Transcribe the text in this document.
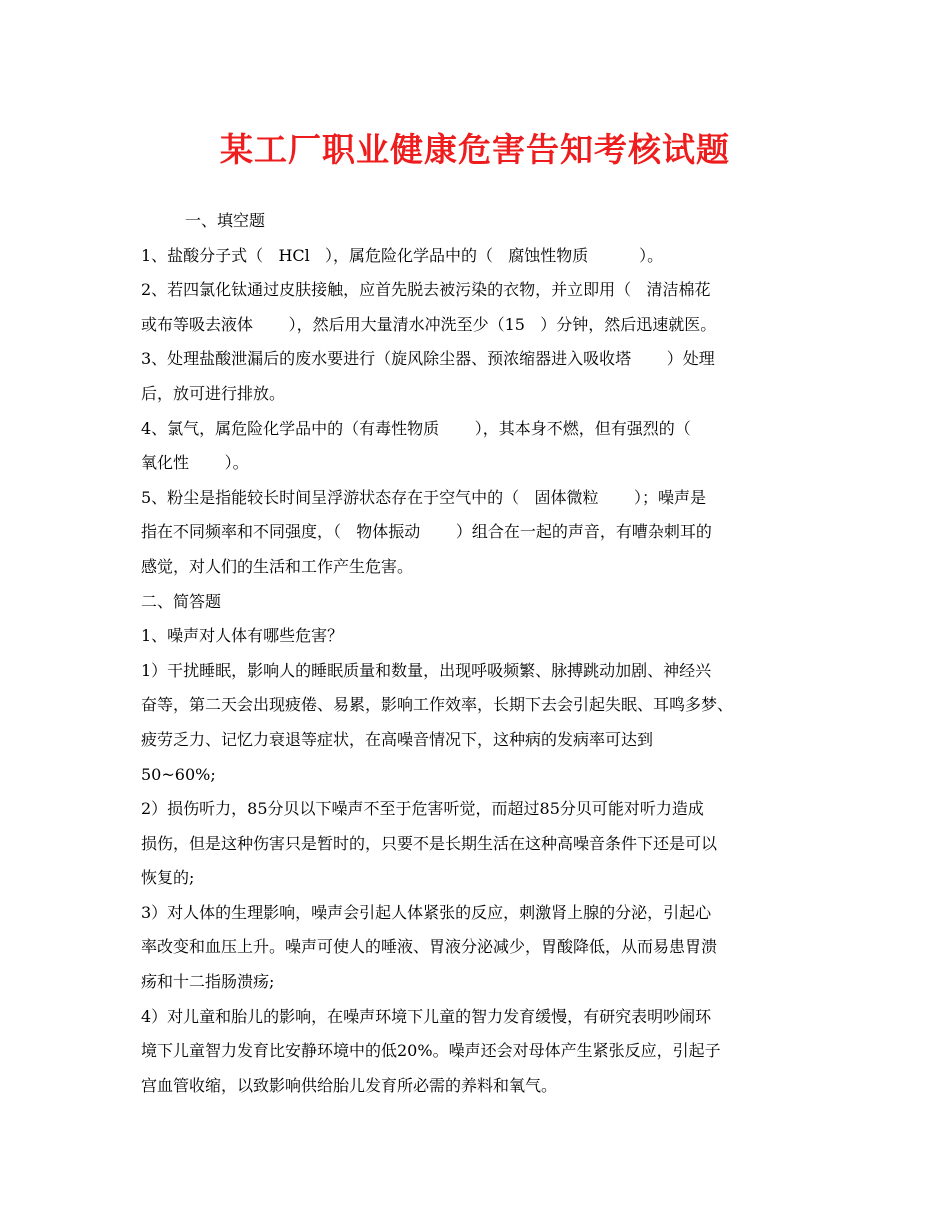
某工厂职业健康危害告知考核试题
一、填空题
1、盐酸分子式（   HCl   ），属危险化学品中的（   腐蚀性物质          ）。
2、若四氯化钛通过皮肤接触，应首先脱去被污染的衣物，并立即用（   清洁棉花
或布等吸去液体       ），然后用大量清水冲洗至少（15   ）分钟，然后迅速就医。
3、处理盐酸泄漏后的废水要进行（旋风除尘器、预浓缩器进入吸收塔       ）处理
后，放可进行排放。
4、氯气，属危险化学品中的（有毒性物质       ），其本身不燃，但有强烈的（
氧化性       ）。
5、粉尘是指能较长时间呈浮游状态存在于空气中的（   固体微粒       ）；噪声是
指在不同频率和不同强度，（   物体振动       ）组合在一起的声音，有嘈杂刺耳的
感觉，对人们的生活和工作产生危害。
二、简答题
1、噪声对人体有哪些危害？
1）干扰睡眠，影响人的睡眠质量和数量，出现呼吸频繁、脉搏跳动加剧、神经兴
奋等，第二天会出现疲倦、易累，影响工作效率，长期下去会引起失眠、耳鸣多梦、
疲劳乏力、记忆力衰退等症状，在高噪音情况下，这种病的发病率可达到
50~60%;
2）损伤听力，85分贝以下噪声不至于危害听觉，而超过85分贝可能对听力造成
损伤，但是这种伤害只是暂时的，只要不是长期生活在这种高噪音条件下还是可以
恢复的;
3）对人体的生理影响，噪声会引起人体紧张的反应，刺激肾上腺的分泌，引起心
率改变和血压上升。噪声可使人的唾液、胃液分泌减少，胃酸降低，从而易患胃溃
疡和十二指肠溃疡;
4）对儿童和胎儿的影响，在噪声环境下儿童的智力发育缓慢，有研究表明吵闹环
境下儿童智力发育比安静环境中的低20%。噪声还会对母体产生紧张反应，引起子
宫血管收缩，以致影响供给胎儿发育所必需的养料和氧气。
